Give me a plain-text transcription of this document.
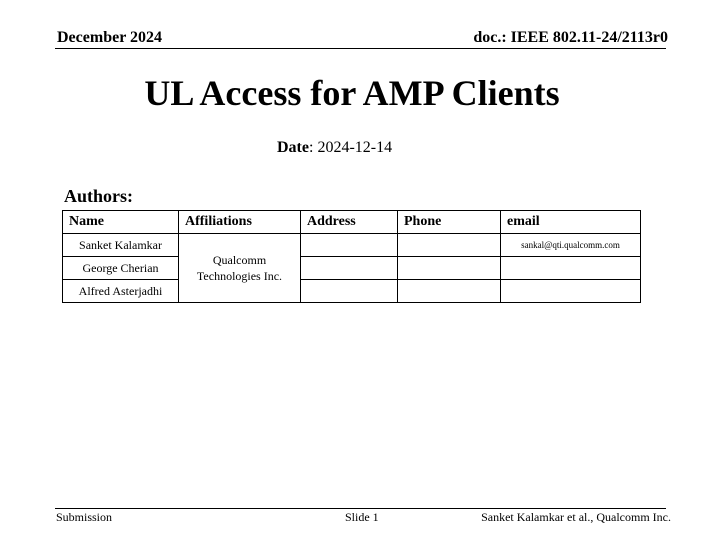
December 2024	doc.: IEEE 802.11-24/2113r0
UL Access for AMP Clients
Date: 2024-12-14
Authors:
Name	Affiliations	Address	Phone	email
Sanket Kalamkar	Qualcomm Technologies Inc.			sankal@qti.qualcomm.com
George Cherian				
Alfred Asterjadhi				
Submission	Slide 1	Sanket Kalamkar et al., Qualcomm Inc.
